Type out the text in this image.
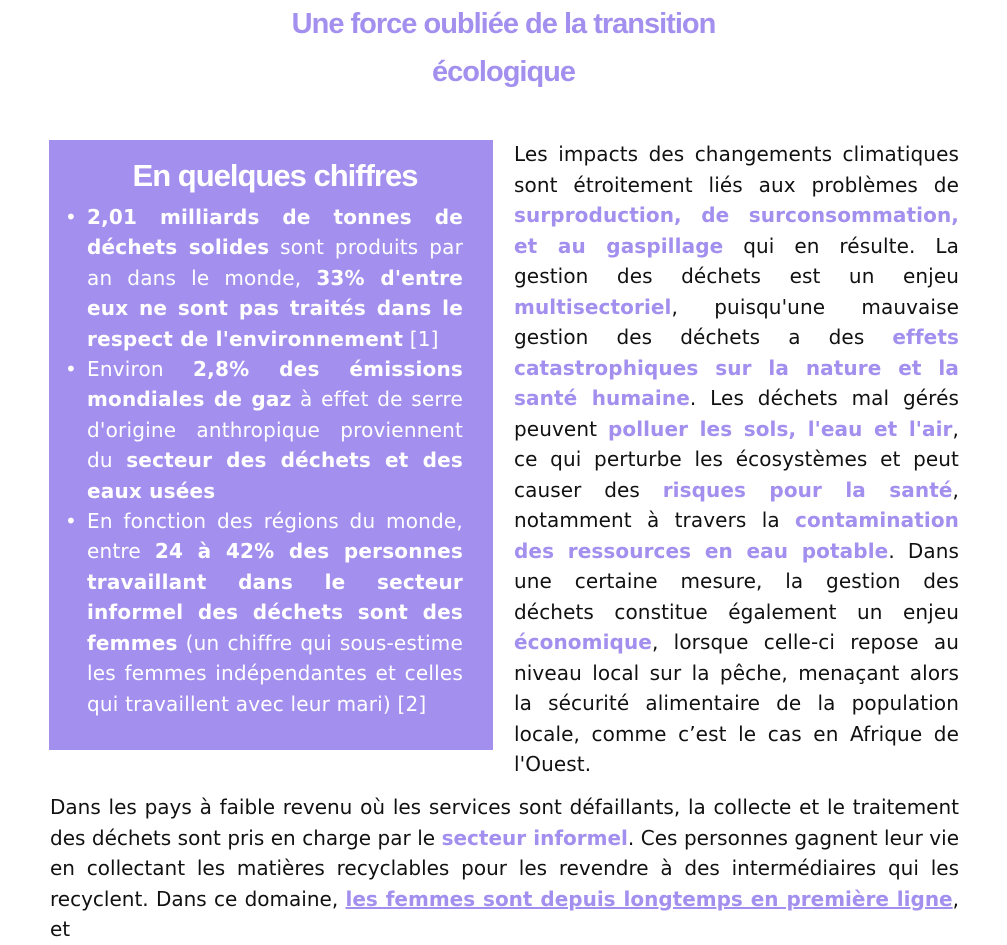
Une force oubliée de la transition
écologique
En quelques chiffres
• 2,01 milliards de tonnes de déchets solides sont produits par an dans le monde, 33% d'entre eux ne sont pas traités dans le respect de l'environnement [1]
• Environ 2,8% des émissions mondiales de gaz à effet de serre d'origine anthropique proviennent du secteur des déchets et des eaux usées
• En fonction des régions du monde, entre 24 à 42% des personnes travaillant dans le secteur informel des déchets sont des femmes (un chiffre qui sous-estime les femmes indépendantes et celles qui travaillent avec leur mari) [2]
Les impacts des changements climatiques sont étroitement liés aux problèmes de surproduction, de surconsommation, et au gaspillage qui en résulte. La gestion des déchets est un enjeu multisectoriel, puisqu'une mauvaise gestion des déchets a des effets catastrophiques sur la nature et la santé humaine. Les déchets mal gérés peuvent polluer les sols, l'eau et l'air, ce qui perturbe les écosystèmes et peut causer des risques pour la santé, notamment à travers la contamination des ressources en eau potable. Dans une certaine mesure, la gestion des déchets constitue également un enjeu économique, lorsque celle-ci repose au niveau local sur la pêche, menaçant alors la sécurité alimentaire de la population locale, comme c’est le cas en Afrique de l'Ouest.
Dans les pays à faible revenu où les services sont défaillants, la collecte et le traitement des déchets sont pris en charge par le secteur informel. Ces personnes gagnent leur vie en collectant les matières recyclables pour les revendre à des intermédiaires qui les recyclent. Dans ce domaine, les femmes sont depuis longtemps en première ligne, et
